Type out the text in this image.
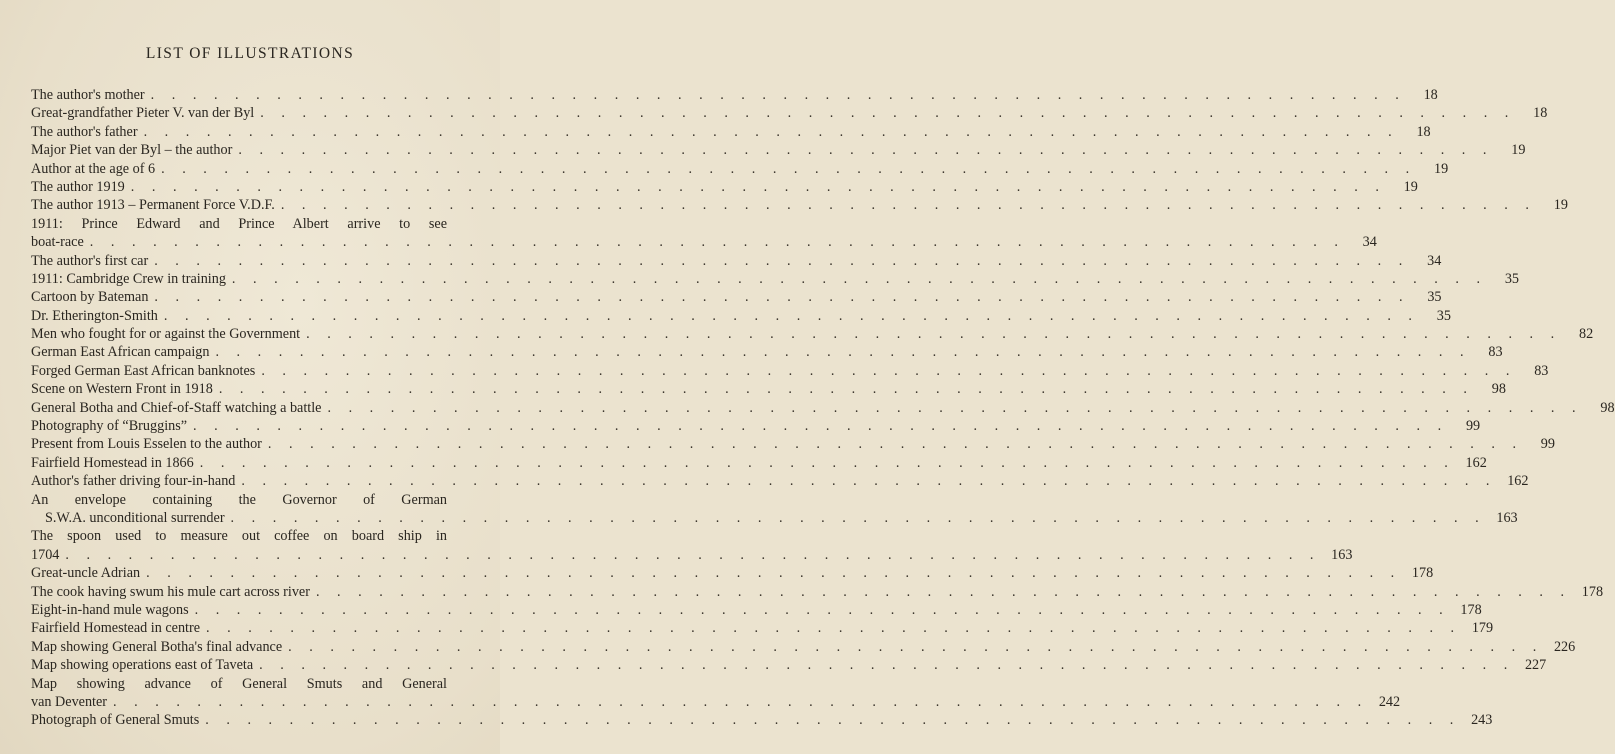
LIST OF ILLUSTRATIONS
The author's mother . . . . . . . . . . . . . . . . . . . . . . . . . . . . . . . . . . . . . . . . . . . . . . . . . . . . . . . . . . . .	18
Great-grandfather Pieter V. van der Byl . . . . . . . . . . . . . . . . . . . . . . . . . . . . . . . . . . . . . . . . . . . . . . . . . . . . . . . . . . . .	18
The author's father . . . . . . . . . . . . . . . . . . . . . . . . . . . . . . . . . . . . . . . . . . . . . . . . . . . . . . . . . . . .	18
Major Piet van der Byl – the author . . . . . . . . . . . . . . . . . . . . . . . . . . . . . . . . . . . . . . . . . . . . . . . . . . . . . . . . . . . .	19
Author at the age of 6 . . . . . . . . . . . . . . . . . . . . . . . . . . . . . . . . . . . . . . . . . . . . . . . . . . . . . . . . . . . .	19
The author 1919 . . . . . . . . . . . . . . . . . . . . . . . . . . . . . . . . . . . . . . . . . . . . . . . . . . . . . . . . . . . .	19
The author 1913 – Permanent Force V.D.F. . . . . . . . . . . . . . . . . . . . . . . . . . . . . . . . . . . . . . . . . . . . . . . . . . . . . . . . . . . . .	19
1911: Prince Edward and Prince Albert arrive to see
boat-race . . . . . . . . . . . . . . . . . . . . . . . . . . . . . . . . . . . . . . . . . . . . . . . . . . . . . . . . . . . .	34
The author's first car . . . . . . . . . . . . . . . . . . . . . . . . . . . . . . . . . . . . . . . . . . . . . . . . . . . . . . . . . . . .	34
1911: Cambridge Crew in training . . . . . . . . . . . . . . . . . . . . . . . . . . . . . . . . . . . . . . . . . . . . . . . . . . . . . . . . . . . .	35
Cartoon by Bateman . . . . . . . . . . . . . . . . . . . . . . . . . . . . . . . . . . . . . . . . . . . . . . . . . . . . . . . . . . . .	35
Dr. Etherington-Smith . . . . . . . . . . . . . . . . . . . . . . . . . . . . . . . . . . . . . . . . . . . . . . . . . . . . . . . . . . . .	35
Men who fought for or against the Government . . . . . . . . . . . . . . . . . . . . . . . . . . . . . . . . . . . . . . . . . . . . . . . . . . . . . . . . . . . .	82
German East African campaign . . . . . . . . . . . . . . . . . . . . . . . . . . . . . . . . . . . . . . . . . . . . . . . . . . . . . . . . . . . .	83
Forged German East African banknotes . . . . . . . . . . . . . . . . . . . . . . . . . . . . . . . . . . . . . . . . . . . . . . . . . . . . . . . . . . . .	83
Scene on Western Front in 1918 . . . . . . . . . . . . . . . . . . . . . . . . . . . . . . . . . . . . . . . . . . . . . . . . . . . . . . . . . . . .	98
General Botha and Chief-of-Staff watching a battle . . . . . . . . . . . . . . . . . . . . . . . . . . . . . . . . . . . . . . . . . . . . . . . . . . . . . . . . . . . .	98
Photography of “Bruggins” . . . . . . . . . . . . . . . . . . . . . . . . . . . . . . . . . . . . . . . . . . . . . . . . . . . . . . . . . . . .	99
Present from Louis Esselen to the author . . . . . . . . . . . . . . . . . . . . . . . . . . . . . . . . . . . . . . . . . . . . . . . . . . . . . . . . . . . .	99
Fairfield Homestead in 1866 . . . . . . . . . . . . . . . . . . . . . . . . . . . . . . . . . . . . . . . . . . . . . . . . . . . . . . . . . . . . 162
Author's father driving four-in-hand . . . . . . . . . . . . . . . . . . . . . . . . . . . . . . . . . . . . . . . . . . . . . . . . . . . . . . . . . . . . 162
An envelope containing the Governor of German
S.W.A. unconditional surrender . . . . . . . . . . . . . . . . . . . . . . . . . . . . . . . . . . . . . . . . . . . . . . . . . . . . . . . . . . . . 163
The spoon used to measure out coffee on board ship in
1704 . . . . . . . . . . . . . . . . . . . . . . . . . . . . . . . . . . . . . . . . . . . . . . . . . . . . . . . . . . . . 163
Great-uncle Adrian . . . . . . . . . . . . . . . . . . . . . . . . . . . . . . . . . . . . . . . . . . . . . . . . . . . . . . . . . . . . 178
The cook having swum his mule cart across river . . . . . . . . . . . . . . . . . . . . . . . . . . . . . . . . . . . . . . . . . . . . . . . . . . . . . . . . . . . . 178
Eight-in-hand mule wagons . . . . . . . . . . . . . . . . . . . . . . . . . . . . . . . . . . . . . . . . . . . . . . . . . . . . . . . . . . . . 178
Fairfield Homestead in centre . . . . . . . . . . . . . . . . . . . . . . . . . . . . . . . . . . . . . . . . . . . . . . . . . . . . . . . . . . . . 179
Map showing General Botha's final advance . . . . . . . . . . . . . . . . . . . . . . . . . . . . . . . . . . . . . . . . . . . . . . . . . . . . . . . . . . . . 226
Map showing operations east of Taveta . . . . . . . . . . . . . . . . . . . . . . . . . . . . . . . . . . . . . . . . . . . . . . . . . . . . . . . . . . . . 227
Map showing advance of General Smuts and General
van Deventer . . . . . . . . . . . . . . . . . . . . . . . . . . . . . . . . . . . . . . . . . . . . . . . . . . . . . . . . . . . . 242
Photograph of General Smuts . . . . . . . . . . . . . . . . . . . . . . . . . . . . . . . . . . . . . . . . . . . . . . . . . . . . . . . . . . . . 243
